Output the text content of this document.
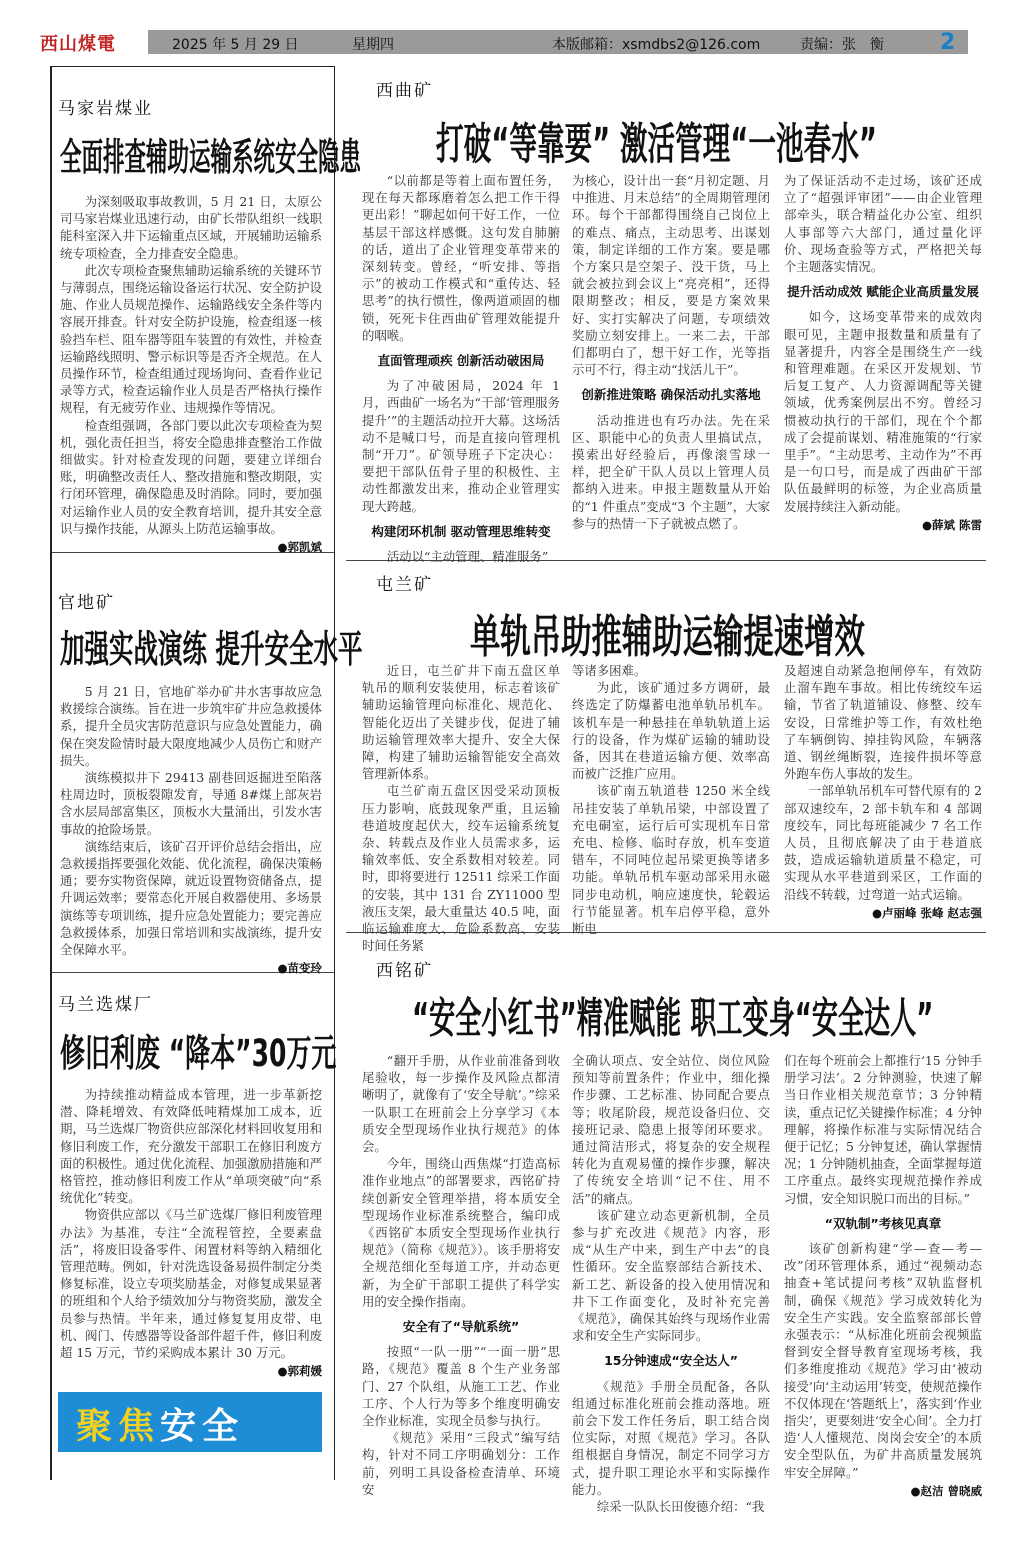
西山煤電	2025 年 5 月 29 日	星期四	本版邮箱：xsmdbs2@126.com	责编：张　衡	2
马家岩煤业
全面排查辅助运输系统安全隐患

为深刻吸取事故教训，5 月 21 日，太原公司马家岩煤业迅速行动，由矿长带队组织一线职能科室深入井下运输重点区域，开展辅助运输系统专项检查，全力排查安全隐患。

此次专项检查聚焦辅助运输系统的关键环节与薄弱点，围绕运输设备运行状况、安全防护设施、作业人员规范操作、运输路线安全条件等内容展开排查。针对安全防护设施，检查组逐一核验挡车栏、阻车器等阻车装置的有效性，并检查运输路线照明、警示标识等是否齐全规范。在人员操作环节，检查组通过现场询问、查看作业记录等方式，检查运输作业人员是否严格执行操作规程，有无疲劳作业、违规操作等情况。

检查组强调，各部门要以此次专项检查为契机，强化责任担当，将安全隐患排查整治工作做细做实。针对检查发现的问题，要建立详细台账，明确整改责任人、整改措施和整改期限，实行闭环管理，确保隐患及时消除。同时，要加强对运输作业人员的安全教育培训，提升其安全意识与操作技能，从源头上防范运输事故。

● 郭凯斌

官地矿
加强实战演练 提升安全水平

5 月 21 日，官地矿举办矿井水害事故应急救援综合演练。旨在进一步筑牢矿井应急救援体系，提升全员灾害防范意识与应急处置能力，确保在突发险情时最大限度地减少人员伤亡和财产损失。

演练模拟井下 29413 副巷回返掘进至陷落柱周边时，顶板裂隙发育，导通 8#煤上部灰岩含水层局部富集区，顶板水大量涌出，引发水害事故的抢险场景。

演练结束后，该矿召开评价总结会指出，应急救援指挥要强化效能、优化流程，确保决策畅通；要夯实物资保障，就近设置物资储备点，提升调运效率；要常态化开展自救器使用、多场景演练等专项训练，提升应急处置能力；要完善应急救援体系，加强日常培训和实战演练，提升安全保障水平。

● 苗变玲

马兰选煤厂
修旧利废 “降本”30万元

为持续推动精益成本管理，进一步革新挖潜、降耗增效、有效降低吨精煤加工成本，近期，马兰选煤厂物资供应部深化材料回收复用和修旧利废工作，充分激发干部职工在修旧利废方面的积极性。通过优化流程、加强激励措施和严格管控，推动修旧利废工作从“单项突破”向“系统优化”转变。

物资供应部以《马兰矿选煤厂修旧利废管理办法》为基准，专注“全流程管控，全要素盘活”，将废旧设备零件、闲置材料等纳入精细化管理范畴。例如，针对洗选设备易损件制定分类修复标准，设立专项奖励基金，对修复成果显著的班组和个人给予绩效加分与物资奖励，激发全员参与热情。半年来，通过修复复用皮带、电机、阀门、传感器等设备部件超千件，修旧利废超 15 万元，节约采购成本累计 30 万元。

● 郭莉媛

聚焦安全
西曲矿
打破“等靠要” 激活管理“一池春水”

“以前都是等着上面布置任务，现在每天都琢磨着怎么把工作干得更出彩！”聊起如何干好工作，一位基层干部这样感慨。这句发自肺腑的话，道出了企业管理变革带来的深刻转变。曾经，“听安排、等指示”的被动工作模式和“重传达、轻思考”的执行惯性，像两道顽固的枷锁，死死卡住西曲矿管理效能提升的咽喉。

直面管理顽疾 创新活动破困局

为了冲破困局，2024 年 1 月，西曲矿一场名为“干部‘管理服务提升’”的主题活动拉开大幕。这场活动不是喊口号，而是直接向管理机制“开刀”。矿领导班子下定决心：要把干部队伍骨子里的积极性、主动性都激发出来，推动企业管理实现大跨越。

构建闭环机制 驱动管理思维转变

活动以“主动管理、精准服务”

为核心，设计出一套“月初定题、月中推进、月末总结”的全周期管理闭环。每个干部都得围绕自己岗位上的难点、痛点，主动思考、出谋划策，制定详细的工作方案。要是哪个方案只是空架子、没干货，马上就会被拉到会议上“亮亮相”，还得限期整改；相反，要是方案效果好、实打实解决了问题，专项绩效奖励立刻安排上。一来二去，干部们都明白了，想干好工作，光等指示可不行，得主动“找活儿干”。

创新推进策略 确保活动扎实落地

活动推进也有巧办法。先在采区、职能中心的负责人里搞试点，摸索出好经验后，再像滚雪球一样，把全矿干队人员以上管理人员都纳入进来。申报主题数量从开始的“1 件重点”变成“3 个主题”，大家参与的热情一下子就被点燃了。

为了保证活动不走过场，该矿还成立了“超强评审团”——由企业管理部牵头，联合精益化办公室、组织人事部等六大部门，通过量化评价、现场查验等方式，严格把关每个主题落实情况。

提升活动成效 赋能企业高质量发展

如今，这场变革带来的成效肉眼可见，主题申报数量和质量有了显著提升，内容全是围绕生产一线和管理难题。在采区开发规划、节后复工复产、人力资源调配等关键领域，优秀案例层出不穷。曾经习惯被动执行的干部们，现在个个都成了会提前谋划、精准施策的“行家里手”。“主动思考、主动作为”不再是一句口号，而是成了西曲矿干部队伍最鲜明的标签，为企业高质量发展持续注入新动能。

● 薛斌 陈雷

屯兰矿
单轨吊助推辅助运输提速增效

近日，屯兰矿井下南五盘区单轨吊的顺利安装使用，标志着该矿辅助运输管理向标准化、规范化、智能化迈出了关键步伐，促进了辅助运输管理效率大提升、安全大保障，构建了辅助运输智能安全高效管理新体系。

屯兰矿南五盘区因受采动顶板压力影响，底鼓现象严重，且运输巷道坡度起伏大，绞车运输系统复杂、转载点及作业人员需求多，运输效率低、安全系数相对较差。同时，即将要进行 12511 综采工作面的安装，其中 131 台 ZY11000 型液压支架，最大重量达 40.5 吨，面临运输难度大、危险系数高、安装时间任务紧

等诸多困难。

为此，该矿通过多方调研，最终选定了防爆蓄电池单轨吊机车。该机车是一种悬挂在单轨轨道上运行的设备，作为煤矿运输的辅助设备，因其在巷道运输方便、效率高而被广泛推广应用。

该矿南五轨道巷 1250 米全线吊挂安装了单轨吊梁，中部设置了充电硐室，运行后可实现机车日常充电、检修、临时存放，机车变道错车，不同吨位起吊梁更换等诸多功能。单轨吊机车驱动部采用永磁同步电动机，响应速度快，轮毂运行节能显著。机车启停平稳，意外断电

及超速自动紧急抱闸停车，有效防止溜车跑车事故。相比传统绞车运输，节省了轨道铺设、修整、绞车安设，日常维护等工作，有效杜绝了车辆倒钩、掉挂钩风险，车辆落道、钢丝绳断裂，连接件损坏等意外跑车伤人事故的发生。

一部单轨吊机车可替代原有的 2 部双速绞车，2 部卡轨车和 4 部调度绞车，同比每班能减少 7 名工作人员，且彻底解决了由于巷道底鼓，造成运输轨道质量不稳定，可实现从水平巷道到采区，工作面的沿线不转载，过弯道一站式运输。

● 卢丽峰 张峰 赵志强

西铭矿
“安全小红书”精准赋能 职工变身“安全达人”

“翻开手册，从作业前准备到收尾验收，每一步操作及风险点都清晰明了，就像有了‘安全导航’。”综采一队职工在班前会上分享学习《本质安全型现场作业执行规范》的体会。

今年，围绕山西焦煤“打造高标准作业地点”的部署要求，西铭矿持续创新安全管理举措，将本质安全型现场作业标准系统整合，编印成《西铭矿本质安全型现场作业执行规范》（简称《规范》）。该手册将安全规范细化至每道工序，并动态更新，为全矿干部职工提供了科学实用的安全操作指南。

安全有了“导航系统”

按照“一队一册”“一面一册”思路，《规范》覆盖 8 个生产业务部门、27 个队组，从施工工艺、作业工序、个人行为等多个维度明确安全作业标准，实现全员参与执行。

《规范》采用“三段式”编写结构，针对不同工序明确划分：工作前，列明工具设备检查清单、环境安

全确认项点、安全站位、岗位风险预知等前置条件；作业中，细化操作步骤、工艺标准、协同配合要点等；收尾阶段，规范设备归位、交接班记录、隐患上报等闭环要求。通过简洁形式，将复杂的安全规程转化为直观易懂的操作步骤，解决了传统安全培训“记不住、用不活”的痛点。

该矿建立动态更新机制，全员参与扩充改进《规范》内容，形成“从生产中来，到生产中去”的良性循环。安全监察部结合新技术、新工艺、新设备的投入使用情况和井下工作面变化，及时补充完善《规范》，确保其始终与现场作业需求和安全生产实际同步。

15分钟速成“安全达人”

《规范》手册全员配备，各队组通过标准化班前会推动落地。班前会下发工作任务后，职工结合岗位实际，对照《规范》学习。各队组根据自身情况，制定不同学习方式，提升职工理论水平和实际操作能力。

综采一队队长田俊德介绍：“我

们在每个班前会上都推行‘15 分钟手册学习法’。2 分钟测验，快速了解当日作业相关规范章节；3 分钟精读，重点记忆关键操作标准；4 分钟理解，将操作标准与实际情况结合便于记忆；5 分钟复述，确认掌握情况；1 分钟随机抽查，全面掌握每道工序重点。最终实现规范操作养成习惯，安全知识脱口而出的目标。”

“双轨制”考核见真章

该矿创新构建“学—查—考—改”闭环管理体系，通过“视频动态抽查+笔试提问考核”双轨监督机制，确保《规范》学习成效转化为安全生产实践。安全监察部部长曾永强表示：“从标准化班前会视频监督到安全督导教育室现场考核，我们多维度推动《规范》学习由‘被动接受’向‘主动运用’转变，使规范操作不仅体现在‘答题纸上’，落实到‘作业指尖’，更要刻进‘安全心间’。全力打造‘人人懂规范、岗岗会安全’的本质安全型队伍，为矿井高质量发展筑牢安全屏障。”

● 赵洁 曾晓威
